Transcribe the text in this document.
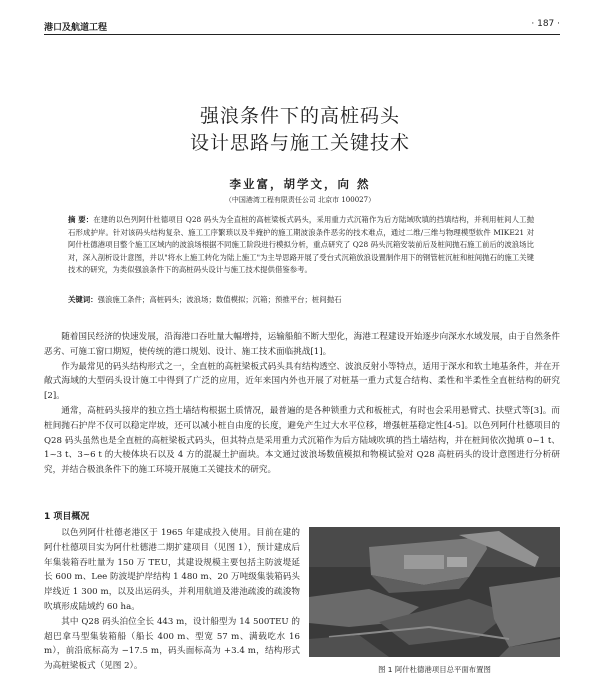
港口及航道工程	· 187 ·
强浪条件下的高桩码头
设计思路与施工关键技术
李业富，胡学文，向 然
（中国港湾工程有限责任公司 北京市 100027）
摘 要：在建的以色列阿什杜德项目 Q28 码头为全直桩的高桩梁板式码头，采用重力式沉箱作为后方陆域吹填的挡填结构，并利用桩间人工抛石形成护岸。针对该码头结构复杂、施工工序繁琐以及半掩护的施工期波浪条件恶劣的技术难点，通过二维/三维与物理模型软件 MIKE21 对阿什杜德港项目整个施工区域内的波浪场根据不同施工阶段进行模拟分析，重点研究了 Q28 码头沉箱安装前后及桩间抛石施工前后的波浪场比对，深入剖析设计意图，并以"将水上施工转化为陆上施工"为主导思路开展了受台式沉箱放浪设置制作用下的钢管桩沉桩和桩间抛石的施工关键技术的研究，为类似强浪条件下的高桩码头设计与施工技术提供借鉴参考。
关键词：强浪施工条件；高桩码头；波浪场；数值模拟；沉箱；预推平台；桩间抛石

随着国民经济的快速发展，沿海港口吞吐量大幅增持，运输船舶不断大型化，海港工程建设开始逐步向深水水域发展，由于自然条件恶劣、可施工窗口期短，使传统的港口规划、设计、施工技术面临挑战[1]。

作为最常见的码头结构形式之一，全直桩的高桩梁板式码头具有结构透空、波浪反射小等特点，适用于深水和软土地基条件，并在开敞式海域的大型码头设计施工中得到了广泛的应用，近年来国内外也开展了对桩基一重力式复合结构、柔性和半柔性全直桩结构的研究[2]。

通常，高桩码头接岸的独立挡土墙结构根据土质情况，最普遍的是各种锁重力式和板桩式，有时也会采用悬臂式、扶壁式等[3]。而桩间抛石护岸不仅可以稳定岸坡，还可以减小桩自由度的长度，避免产生过大水平位移，增强桩基稳定性[4-5]。以色列阿什杜德项目的 Q28 码头虽然也是全直桩的高桩梁板式码头，但其特点是采用重力式沉箱作为后方陆域吹填的挡土墙结构，并在桩间依次抛填 0~1 t、1~3 t、3~6 t 的大棱体块石以及 4 方的混凝土护面块。本文通过波浪场数值模拟和物模试验对 Q28 高桩码头的设计意图进行分析研究，并结合极浪条件下的施工环境开展施工关键技术的研究。

1 项目概况

以色列阿什杜德老港区于 1965 年建成投入使用。目前在建的阿什杜德项目实为阿什杜德港二期扩建项目（见图 1），预计建成后年集装箱吞吐量为 150 万 TEU，其建设规模主要包括主防波堤延长 600 m、Lee 防波堤护岸结构 1 480 m、20 万吨级集装箱码头岸线近 1 300 m，以及出运码头，并利用航道及港池疏浚的疏浚物吹填形成陆域约 60 ha。

其中 Q28 码头泊位全长 443 m，设计船型为 14 500TEU 的超巴拿马型集装箱船（船长 400 m、型宽 57 m、满载吃水 16 m），前沿底标高为 −17.5 m，码头面标高为 +3.4 m，结构形式为高桩梁板式（见图 2）。	图 1 阿什杜德港项目总平面布置图
